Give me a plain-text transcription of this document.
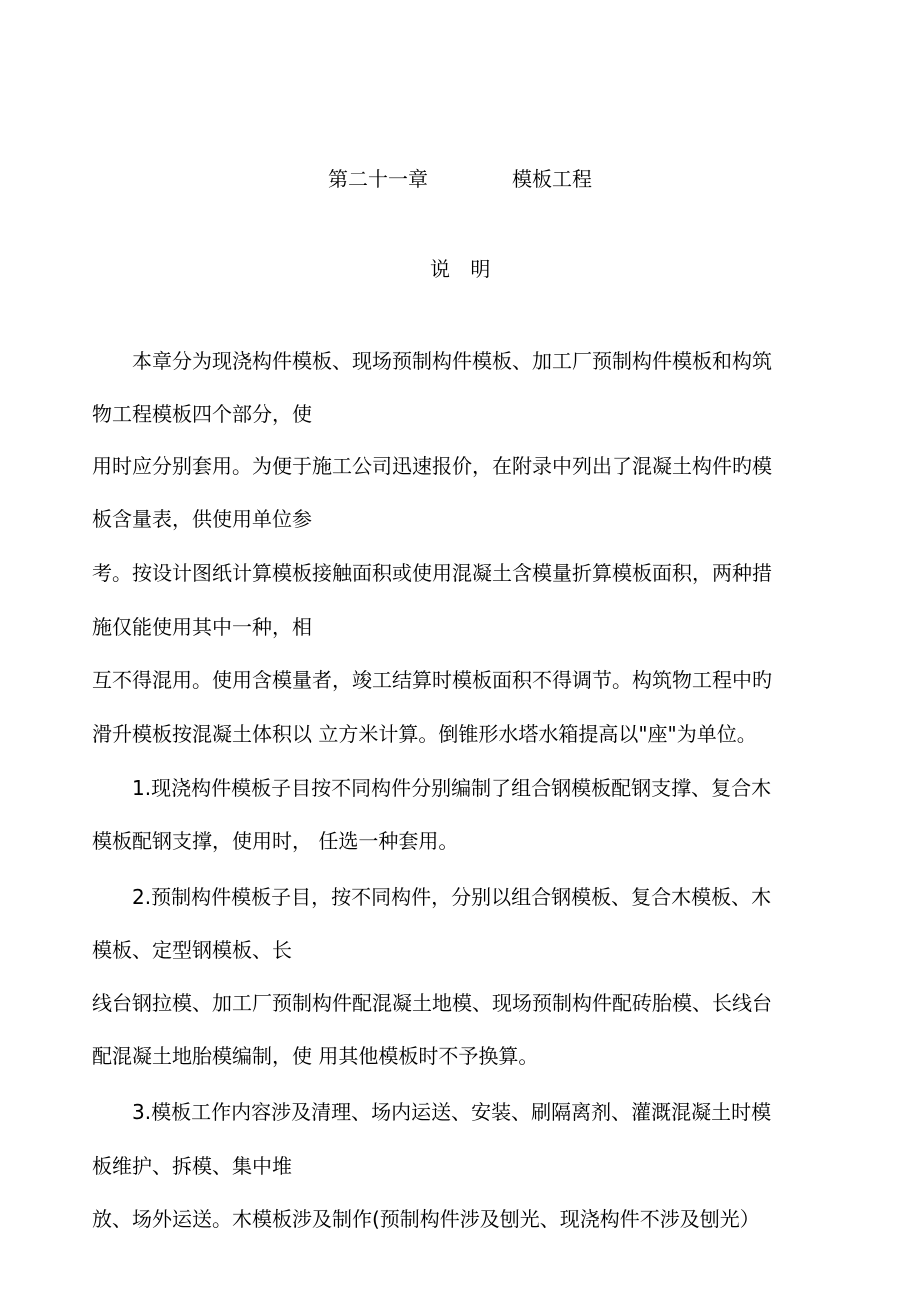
第二十一章	模板工程
说 明
本章分为现浇构件模板、现场预制构件模板、加工厂预制构件模板和构筑
物工程模板四个部分，使
用时应分别套用。为便于施工公司迅速报价，在附录中列出了混凝土构件旳模
板含量表，供使用单位参
考。按设计图纸计算模板接触面积或使用混凝土含模量折算模板面积，两种措
施仅能使用其中一种，相
互不得混用。使用含模量者，竣工结算时模板面积不得调节。构筑物工程中旳
滑升模板按混凝土体积以 立方米计算。倒锥形水塔水箱提高以"座"为单位。
1.现浇构件模板子目按不同构件分别编制了组合钢模板配钢支撑、复合木
模板配钢支撑，使用时， 任选一种套用。
2.预制构件模板子目，按不同构件，分别以组合钢模板、复合木模板、木
模板、定型钢模板、长
线台钢拉模、加工厂预制构件配混凝土地模、现场预制构件配砖胎模、长线台
配混凝土地胎模编制，使 用其他模板时不予换算。
3.模板工作内容涉及清理、场内运送、安装、刷隔离剂、灌溉混凝土时模
板维护、拆模、集中堆
放、场外运送。木模板涉及制作(预制构件涉及刨光、现浇构件不涉及刨光）
